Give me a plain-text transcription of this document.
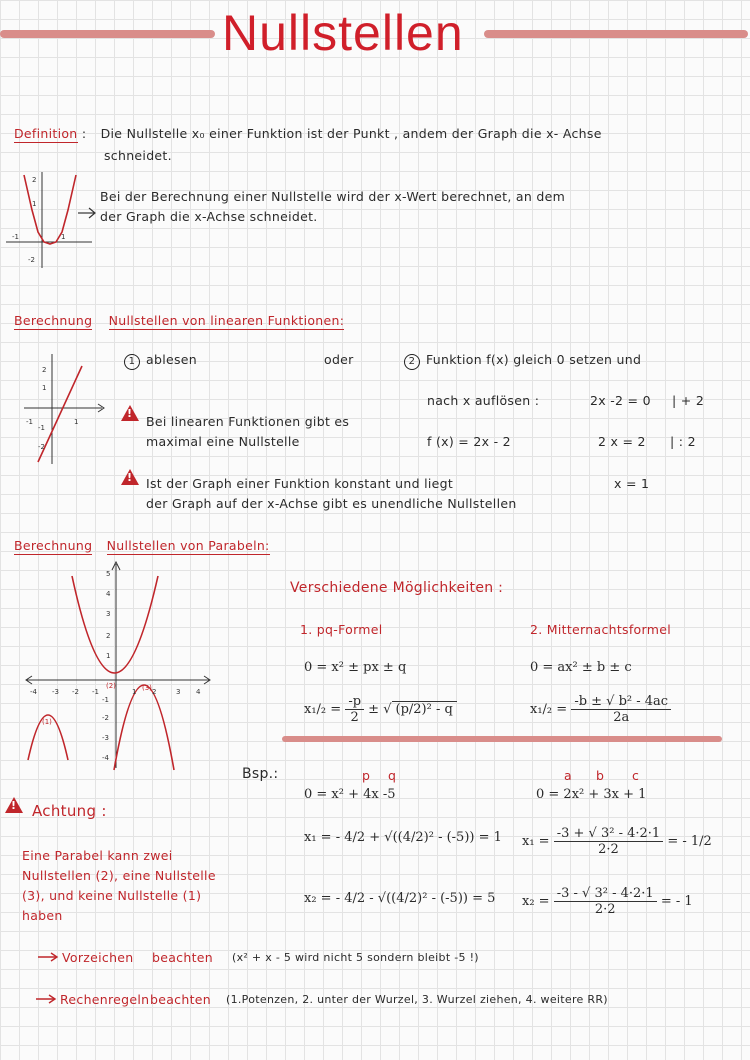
Nullstellen
Definition : Die Nullstelle x₀ einer Funktion ist der Punkt , andem der Graph die x- Achse
schneidet.
2
1
-2
-1	1
Bei der Berechnung einer Nullstelle wird der x-Wert berechnet, an dem
der Graph die x-Achse schneidet.
Berechnung Nullstellen von linearen Funktionen:
2
1
-1
-2
-1	1
1 ablesen	oder	2 Funktion f(x) gleich 0 setzen und
nach x auflösen :	2x -2 = 0 | + 2
!
Bei linearen Funktionen gibt es
maximal eine Nullstelle	f (x) = 2x - 2	2 x = 2 | : 2
!
Ist der Graph einer Funktion konstant und liegt	x = 1
der Graph auf der x-Achse gibt es unendliche Nullstellen
Berechnung Nullstellen von Parabeln:
5
4
3
2
1
-1
-2
-3
-4
-4 -3 -2 -1	1 2	3 4
(2)	(3)
(1)
Verschiedene Möglichkeiten :
1. pq-Formel	2. Mitternachtsformel
0 = x² ± px ± q	0 = ax² ± b ± c
$x_1/_2 = \frac{-p}{2}$ ± √ (p/2)² - q	$x_1/_2 = \frac{\text{-b ± √ b² - 4ac}}{2a}$
Bsp.:	p q
0 = x² + 4x -5
x₁ = - 4/2 + √((4/2)² - (-5)) = 1
x₂ = - 4/2 - √((4/2)² - (-5)) = 5
a b c
0 = 2x² + 3x + 1
$x_1 = \frac{\text{-3 + √ 3² - 4·2·1}}{2\cdot 2}$ = - 1/2
$x_2 = \frac{\text{-3 - √ 3² - 4·2·1}}{2\cdot 2}$ = - 1
!
Achtung :
Eine Parabel kann zwei
Nullstellen (2), eine Nullstelle
(3), und keine Nullstelle (1)
haben
Vorzeichen beachten (x² + x - 5 wird nicht 5 sondern bleibt -5 !)
Rechenregeln beachten (1.Potenzen, 2. unter der Wurzel, 3. Wurzel ziehen, 4. weitere RR)
